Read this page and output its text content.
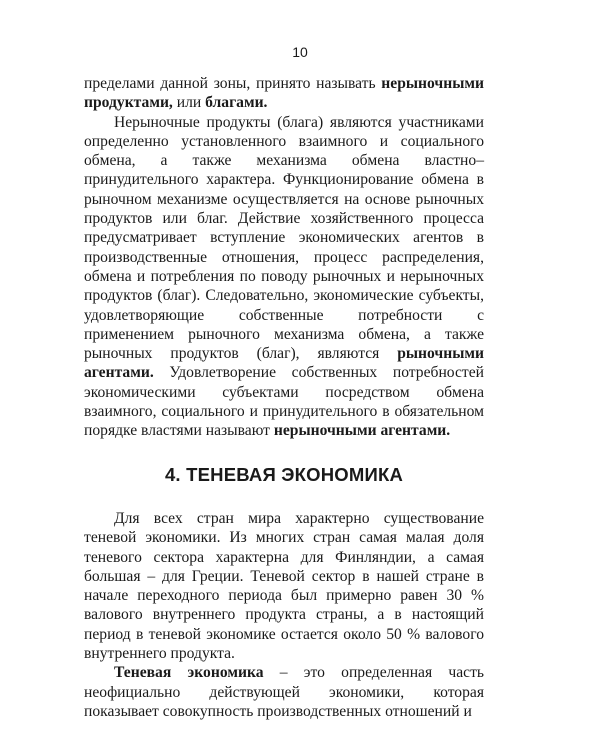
10

пределами данной зоны, принято называть нерыночными продуктами, или благами.

Нерыночные продукты (блага) являются участниками определенно установленного взаимного и социального обмена, а также механизма обмена властно–принудительного характера. Функционирование обмена в рыночном механизме осуществляется на основе рыночных продуктов или благ. Действие хозяйственного процесса предусматривает вступление экономических агентов в производственные отношения, процесс распределения, обмена и потребления по поводу рыночных и нерыночных продуктов (благ). Следовательно, экономические субъекты, удовлетворяющие собственные потребности с применением рыночного механизма обмена, а также рыночных продуктов (благ), являются рыночными агентами. Удовлетворение собственных потребностей экономическими субъектами посредством обмена взаимного, социального и принудительного в обязательном порядке властями называют нерыночными агентами.

4. ТЕНЕВАЯ ЭКОНОМИКА

Для всех стран мира характерно существование теневой экономики. Из многих стран самая малая доля теневого сектора характерна для Финляндии, а самая большая – для Греции. Теневой сектор в нашей стране в начале переходного периода был примерно равен 30 % валового внутреннего продукта страны, а в настоящий период в теневой экономике остается около 50 % валового внутреннего продукта.

Теневая экономика – это определенная часть неофициально действующей экономики, которая показывает совокупность производственных отношений и
